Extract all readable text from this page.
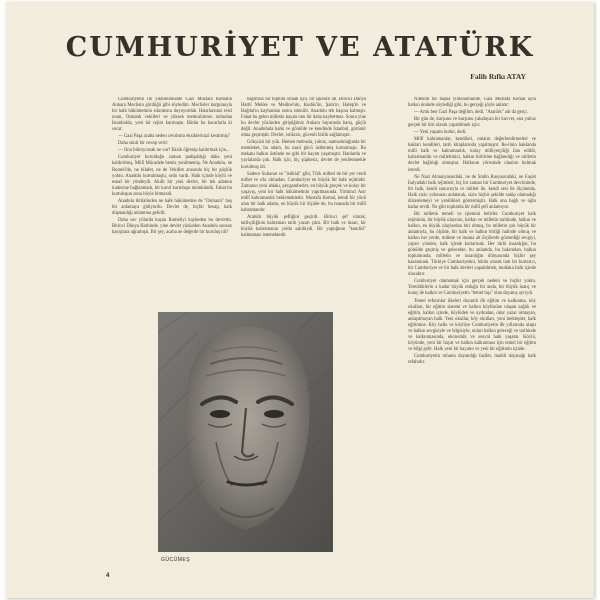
CUMHURİYET VE ATATÜRK
Falih Rıfkı ATAY

Cumhuriyetin ilk yıldönümünde Gazi Mustafa Kemalin Ankara Meclisin gördüğü gibi söyledim. Meclisler kurgunuyla bir halk hükümetinin sıkıntısını duyuyorduk. Hatırlarsınız reisi onun, Osmanlı vekilleri ve yüksek memurlarının ardından İstanbulda, yeni bir rejim kurmuştu. Bütün bu kararlarla ki sorar:

— Gazi Paşa acaba neden cevabımı eksiklerinizi kestirmiş?

Daha sıkılı bir cevap verir:

— Onu bilmiyorsak ne var? Eksik öğrenip kaldırmak için...

Cumhuriyet kurulduğu zaman padişahlığı daha yeni kaldırılmış, Millî Mücadele henüz yenilmemiş. Ne Anadolu, ne Rumeli'de, ne hilafet, ne de Vekiller arasında hiç bir güçlük yoktu. Anadolu kurtulmuştu, ordu vardı. Halk içinde köylü ve esnaf bir yöndeydi. Akıllı bir yeni devlet, bir tek adamın iradesine bağlanmadı, bir kurul kurtuluşu mümkündü. Fakat bu kurtuluşun sonu böyle bitmezdi.

Anadolu ihtilalinden ne halk hükümetine de "Osmanlı" hoş bir anlamaya gidiyordu. Devlet de, hiçbir hesap, halk düşmanlığı anlamına gelirdi.

Daha sav yıllarda kaçan Rumeliyi kaybeden bu devlettir. Birinci Dünya Harbinde, yine devlet yüzünden Anadolu sonsuz kayıplara uğramıştı. Bir şey, acaba ne değerde bir kuruluş idi?

bağımsız bir toplum olmak için, bir işkence idi. Birinci Dünya Harbi Mekke ve Medine'nin, Kudüs'ün, Şam'ın, Halep'in ve Bağdat'ın kaybından sonra istenilir. Anadolu tek başına kalmıştı. Fakat bu gelen milletin hayatı onu bir daha kaybetmez. Sonra yine bu devlet yüzünden giriştiğimiz Ankara hayatında barış, güçlü değil. Anadoluda halkı ve gönülde ve kendinde İstanbul, görünür olma geçmiştir. Devlet, istikrarı, güvenli birlik sağlamıştır.

Gökyüzü bir yük. Hemen mebusla, yalnız, namusluluğunda bir memleket, bu adam, bu nasıl gücü üstlenmiş kurtarmıştı. Bu mekanı halkın üstünde ne gibi bir hayatı yaşamıştır. Hanlarda ve yaylalarda çok. Halk için, hiç şüphesiz, devlet de yenilenmekle kurulmuş idi.

Sadece Sultanın ve "istiklal" gibi, Türk milleti de bir yer verdi millet ve ırkı olmadan. Cumhuriyet en büyük bir halk rejimidir. Zamanın yeni ahlakı, peygamberler, en büyük gerçek ve kolay bir yaşayış, yeni bir halk hükümetinin yapılmasında. Yirminci Asır millî kahramanlık beklemektedir. Mustafa Kemal, kendi bir yönü olan bir halk adamı, en büyük bir ölçüde de, bu manada bir millî kahramandır.

Atatürk büyük şefliğini geçirdi. Birinci şef olarak, tarihçiliğinin kahraman tarih yazarı çıktı. Bir halk ve insan, bir büyük kahramanın yolda sahibiydi. Bir yaptığının "kendisi" kalmaması istemektedir.

Nitekim bir başka yıldönümünde, Gazi Mustafa Kemal aynı halkın önünde söylediği gibi, bu gerçeği şöyle anlatır:

— Artık ben Gazi Paşa değilim, dedi. "Atatürk" adı da gerçi.

Bir gün de, kurşunu ve kurşunu yakalayan bir kuvvet, ona yalnız gerçek bir biri olarak yapabilmek için:

— Yeni yaşamı budur, dedi.

Millî kahramanlar, kendileri, onların değerlendirmeleri ve hakları kendileri, tarih kitaplarında yapılmıştır. Re-iinin hakkında milli halk ve kahramanlık, kolay milliyetçiliği ilan edildi, kahramanlık ve milletimizi, halkın birbirine bağlandığı ve milletin devlet bağlılığı olmuştur. Halkının yöresinde olanları bulmak isterdi.

Ne Nazi Almanyasındaki, ne de Stalin Rusyasındaki, ne Faşist İtalyadaki halk rejimleri, hiç bir zaman bir Cumhuriyet devriminde, bir halk, kendi sonucuyla ve milleti ile, kendi sesi ile ölçünmüş. Halk sizin yolunuzu anlatarak, sizin hiçbir şekilde sahip olamadığı düzenlemeyi ve yenilikleri göstermiştir. Halk ona bağlı ve oğlu kadar sevdi. Ne gibi toplumla bir millî şefi anlamıyor.

Bir milletin temeli ve işlemini belirler. Cumhuriyet halk rejiminin, bir büyük olayının, halkın ve milletin tarihinde, halkın ve halkın, en büyük olaylardan biri olmuş, bu milletin çok büyük bir anlamıyla, bu ölçüde, bir halk ve halkın birliği halinde olmuş ve halkın her yerde, millete ve insana ait ölçülerde gösterdiği sevgiyi, yapıcı yönden, halk içinde kurtarmak. Her türlü insanlığın, bu gönülde geçmiş ve gelecekte, bu anlamda, bu bakımdan, halkın toplumunda, milletin ve insanlığın dünyasında hiçbir şey kazanmadı. Türkiye Cumhuriyetini, bütün olarak tam bir kurtarıcı, bir Cumhuriyet ve bir halk devleti yapabilmek, mutlaka halk içinde olacaktır.

Cumhuriyet olamamak için gerçek nedeni ve hiçbir yoktu. Tereddütlerin o kadar büyük olduğu bir anda, bir büyük inanç ve inanç ile halkın ve Cumhuriyetin "temel taşı" olan dayanış ayrıydı.

Temel reformlar ilkeleri dayandı ilk eğitim ve kalkınma, köy okulları, bir eğitim sistemi ve halkın köylüsüne ulaşan sağlık ve eğitim, halkın içinde, köylüden ve aydından, okur yazar olmayan, anlaşılmayan halk. Yeni okullar, köy okulları, yeni mektepler, halk eğitimine. Köy halkı ve köylüye Cumhuriyetin ilk yıllarında ulaştı ve halkın sevgisiyle ve bilgisiyle, onları halkın geleceği ve tarihinde ve kalkınmasında, ekonomik ve sosyal halk yaşamı. Köylü, köyünde, yeni bir hayat ve halkın kalkınması için temel bir eğitim ve bilgi gelir. Halk yeni bir hayatın ve yeni bir eğitimin içinde.

Cumhuriyetin ruhunu dayandığı fazilet, maddi dayanağı halk refahıdır.

GÜCÜMEŞ
4
